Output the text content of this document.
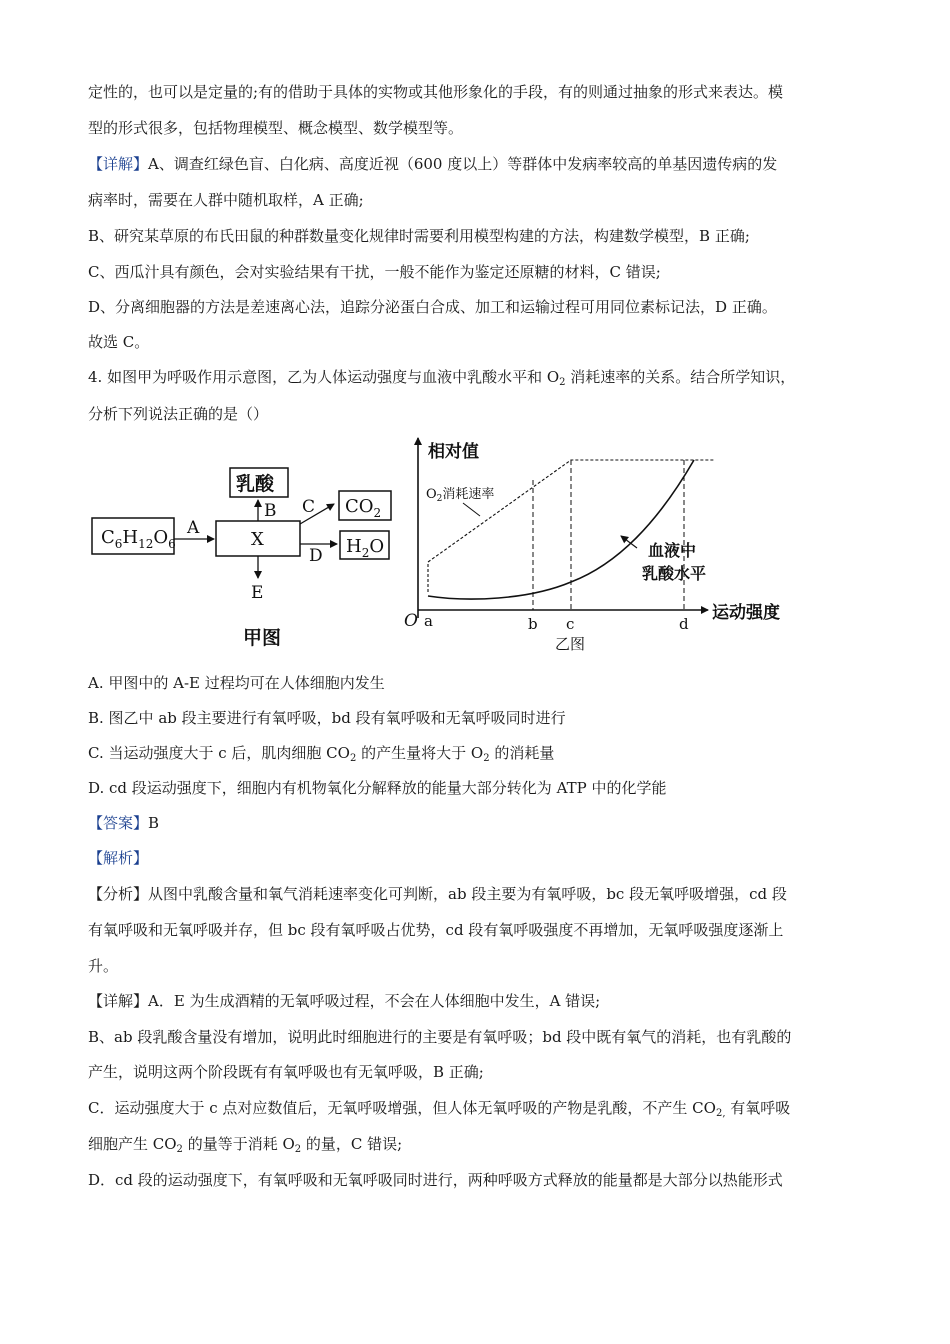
定性的，也可以是定量的;有的借助于具体的实物或其他形象化的手段，有的则通过抽象的形式来表达。模
型的形式很多，包括物理模型、概念模型、数学模型等。
【详解】A、调查红绿色盲、白化病、高度近视（600 度以上）等群体中发病率较高的单基因遗传病的发
病率时，需要在人群中随机取样，A 正确;
B、研究某草原的布氏田鼠的种群数量变化规律时需要利用模型构建的方法，构建数学模型，B 正确;
C、西瓜汁具有颜色，会对实验结果有干扰，一般不能作为鉴定还原糖的材料，C 错误;
D、分离细胞器的方法是差速离心法，追踪分泌蛋白合成、加工和运输过程可用同位素标记法，D 正确。
故选 C。
4. 如图甲为呼吸作用示意图，乙为人体运动强度与血液中乳酸水平和 $O_2$ 消耗速率的关系。结合所学知识，
分析下列说法正确的是（）
$C_6H_{12}O_6$
A
X
乳酸
B	$CO_2$
C
$H_2O$
D
E
甲图
相对值
运动强度
O
$O_2$消耗速率
血液中
乳酸水平
a	b c	d
乙图
A. 甲图中的 A-E 过程均可在人体细胞内发生
B. 图乙中 ab 段主要进行有氧呼吸，bd 段有氧呼吸和无氧呼吸同时进行
C. 当运动强度大于 c 后，肌肉细胞 $CO_2$ 的产生量将大于 $O_2$ 的消耗量
D. cd 段运动强度下，细胞内有机物氧化分解释放的能量大部分转化为 ATP 中的化学能
【答案】B
【解析】
【分析】从图中乳酸含量和氧气消耗速率变化可判断，ab 段主要为有氧呼吸，bc 段无氧呼吸增强，cd 段
有氧呼吸和无氧呼吸并存，但 bc 段有氧呼吸占优势，cd 段有氧呼吸强度不再增加，无氧呼吸强度逐渐上
升。
【详解】A．E 为生成酒精的无氧呼吸过程，不会在人体细胞中发生，A 错误;
B、ab 段乳酸含量没有增加，说明此时细胞进行的主要是有氧呼吸；bd 段中既有氧气的消耗，也有乳酸的
产生，说明这两个阶段既有有氧呼吸也有无氧呼吸，B 正确;
C．运动强度大于 c 点对应数值后，无氧呼吸增强，但人体无氧呼吸的产物是乳酸，不产生 $CO_{2,}$ 有氧呼吸
细胞产生 $CO_2$ 的量等于消耗 $O_2$ 的量，C 错误;
D．cd 段的运动强度下，有氧呼吸和无氧呼吸同时进行，两种呼吸方式释放的能量都是大部分以热能形式
